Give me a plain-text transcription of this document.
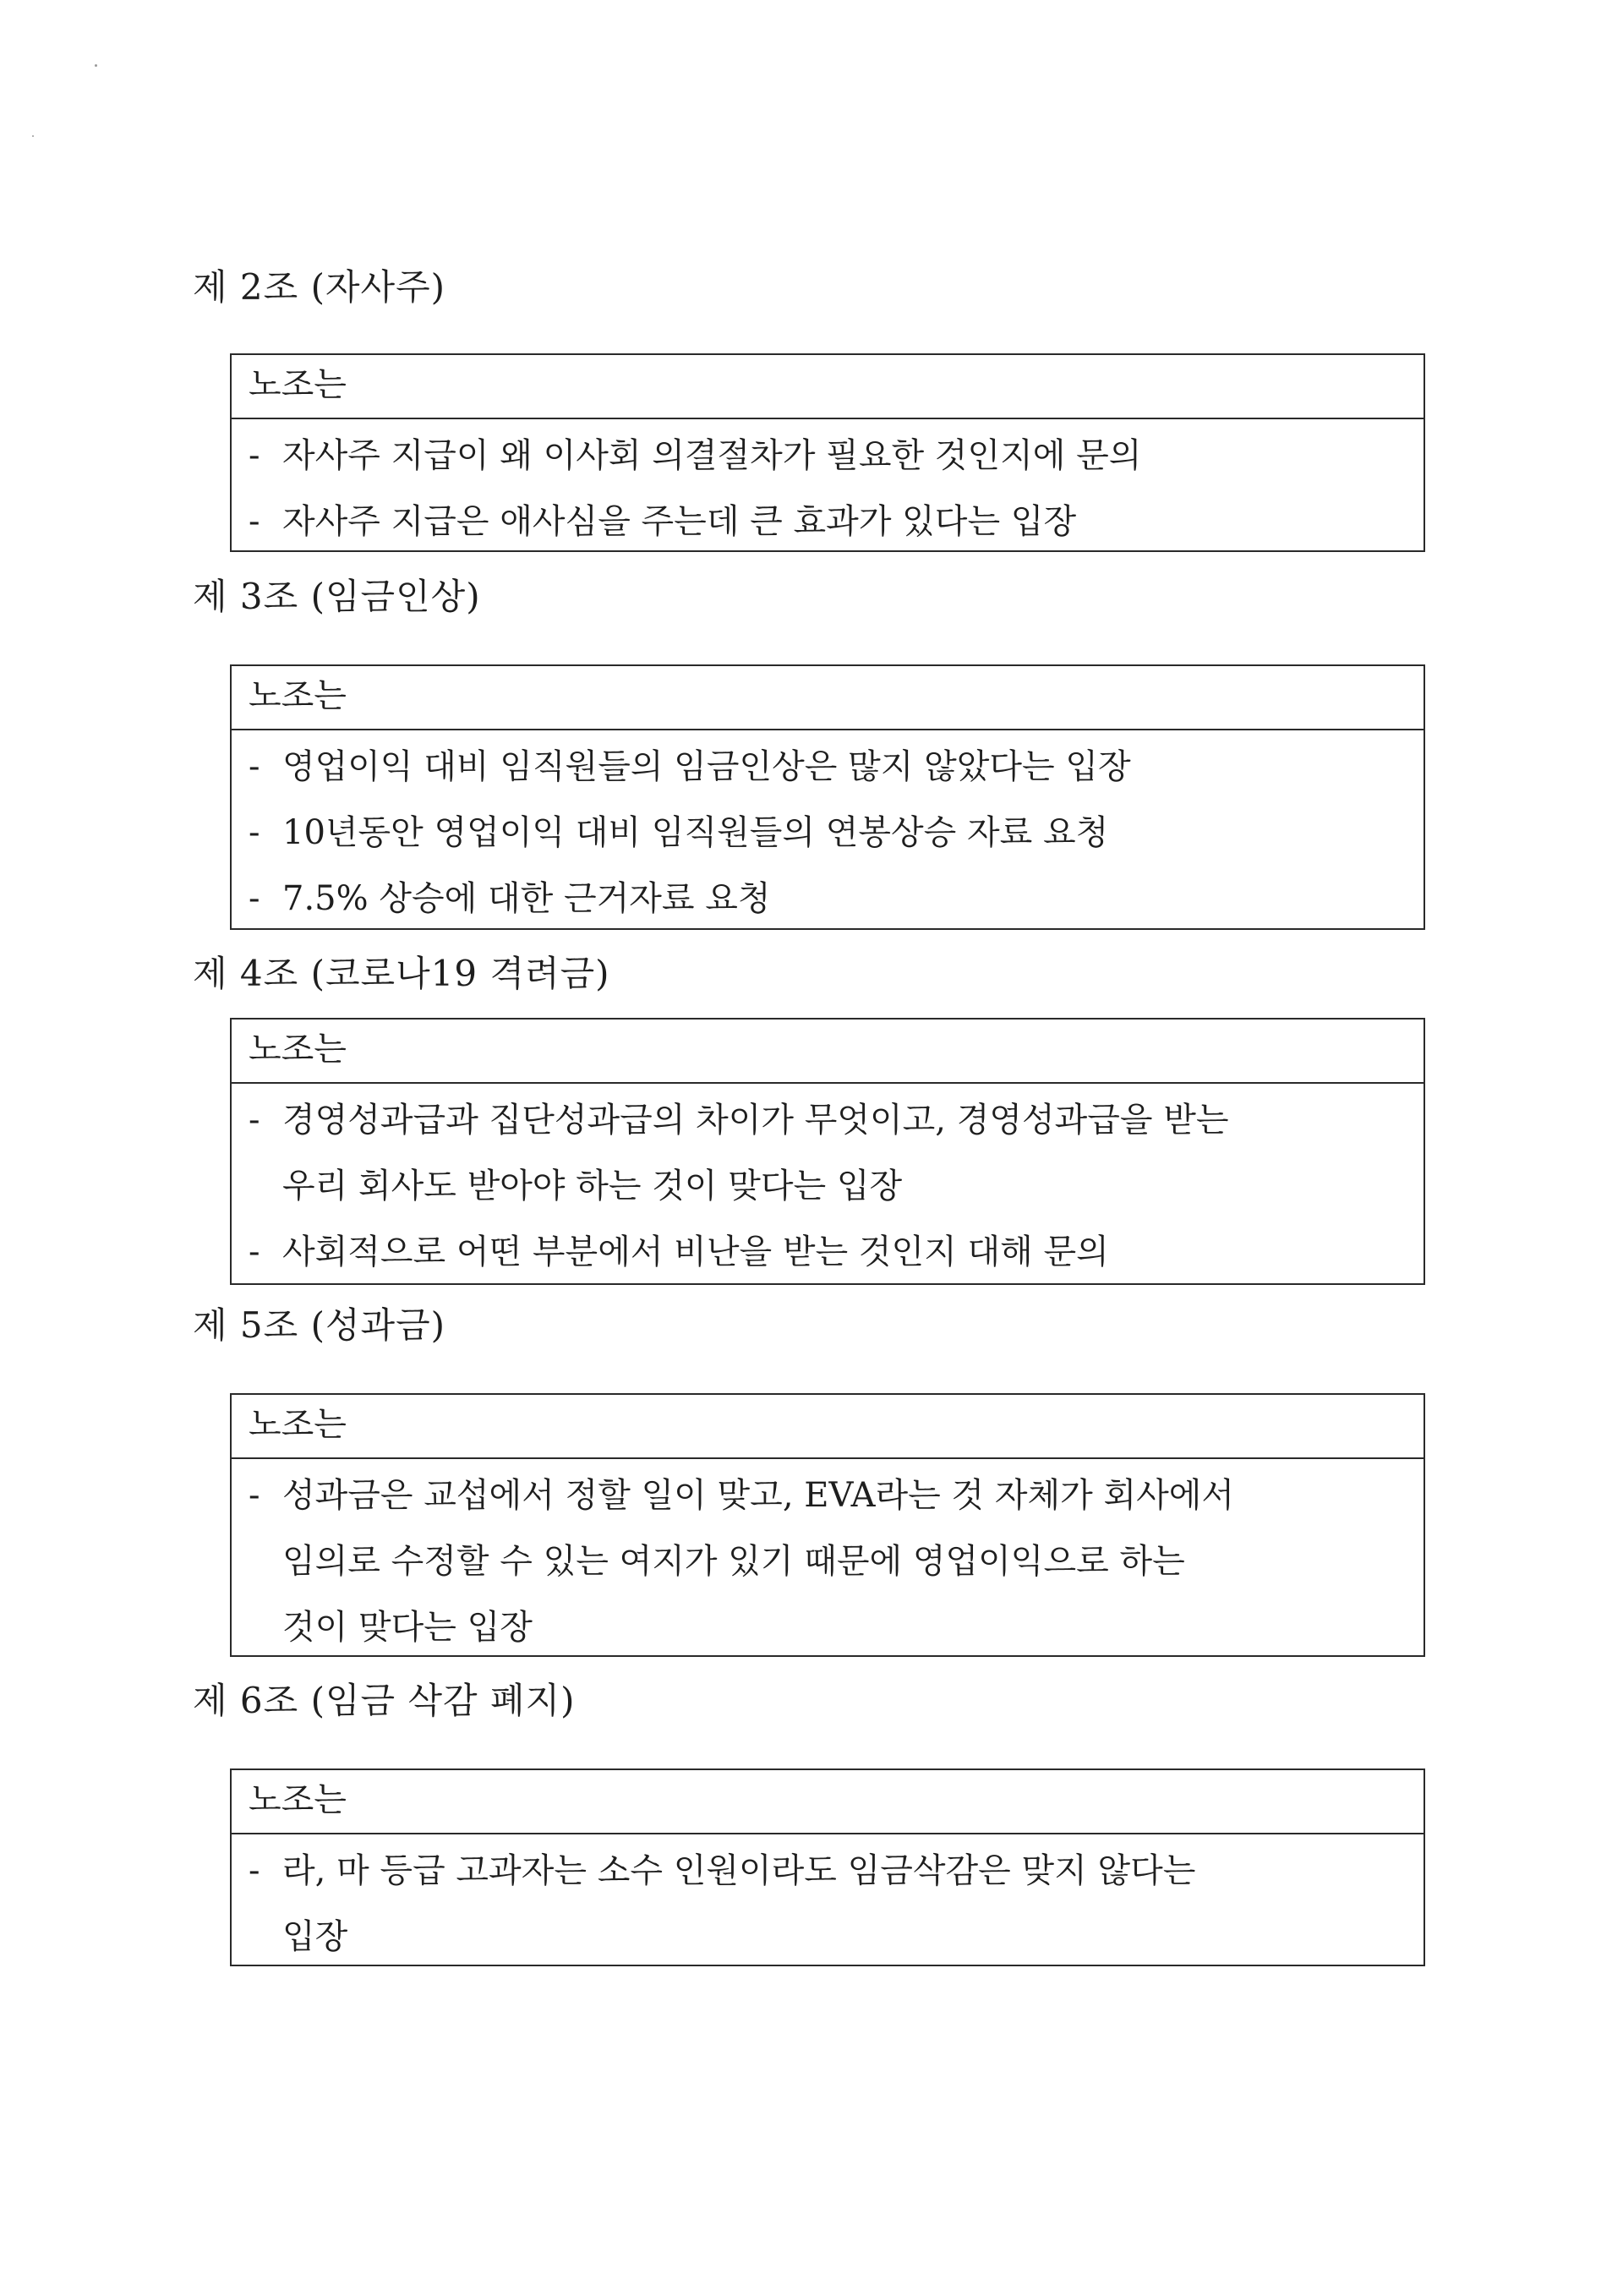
제 2조 (자사주)
노조는
- 자사주 지급이 왜 이사회 의결절차가 필요한 것인지에 문의
- 자사주 지급은 애사심을 주는데 큰 효과가 있다는 입장
제 3조 (임금인상)
노조는
- 영업이익 대비 임직원들의 임금인상은 많지 않았다는 입장
- 10년동안 영업이익 대비 임직원들의 연봉상승 자료 요청
- 7.5% 상승에 대한 근거자료 요청
제 4조 (코로나19 격려금)
노조는
- 경영성과급과 집단성과급의 차이가 무엇이고, 경영성과급을 받는
우리 회사도 받아야 하는 것이 맞다는 입장
- 사회적으로 어떤 부분에서 비난을 받는 것인지 대해 문의
제 5조 (성과금)
노조는
- 성과금은 교섭에서 정할 일이 맞고, EVA라는 것 자체가 회사에서
임의로 수정할 수 있는 여지가 있기 때문에 영업이익으로 하는
것이 맞다는 입장
제 6조 (임금 삭감 폐지)
노조는
- 라, 마 등급 고과자는 소수 인원이라도 임금삭감은 맞지 않다는
입장
